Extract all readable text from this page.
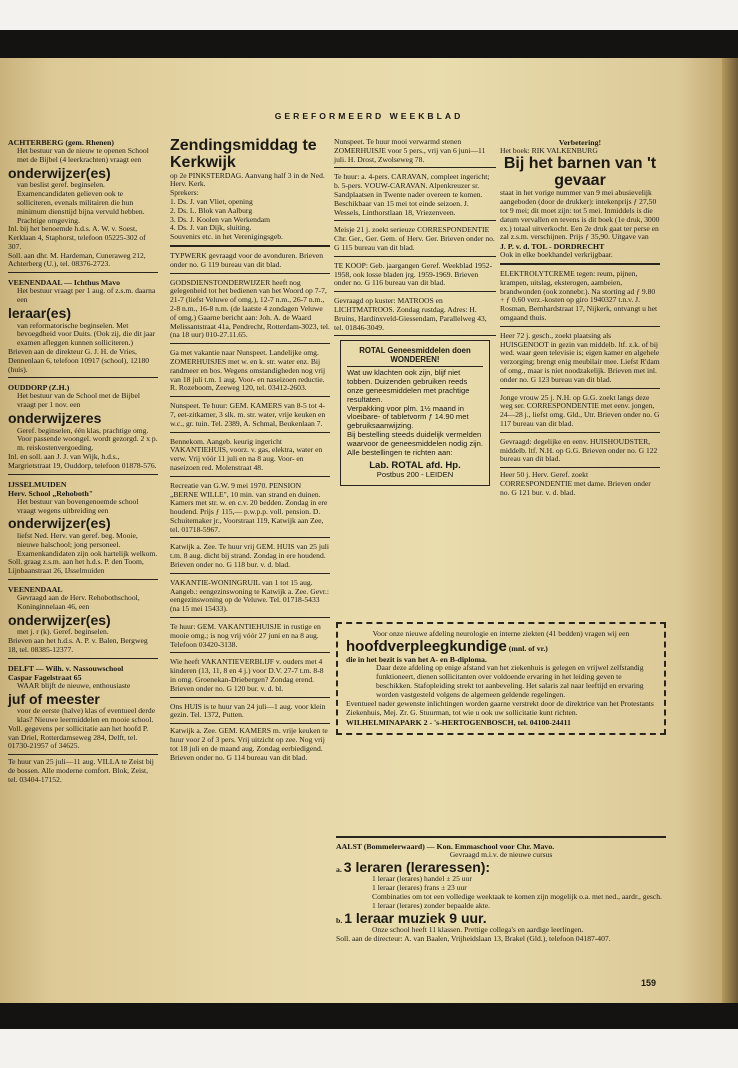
GEREFORMEERD WEEKBLAD
ACHTERBERG (gem. Rhenen)
Het bestuur van de nieuw te openen School met de Bijbel (4 leerkrachten) vraagt een
onderwijzer(es)
van beslist geref. beginselen. Examencandidaten gelieven ook te solliciteren, evenals militairen die hun minimum diensttijd bijna vervuld hebben. Prachtige omgeving.
Inl. bij het benoemde h.d.s. A. W. v. Soest, Kerklaan 4, Staphorst, telefoon 05225-302 of 307.
Soll. aan dhr. M. Hardeman, Cuneraweg 212, Achterberg (U.), tel. 08376-2723.
VEENENDAAL — Ichthus Mavo
Het bestuur vraagt per 1 aug. of z.s.m. daarna een
leraar(es)
van reformatorische beginselen. Met bevoegdheid voor Duits. (Ook zij, die dit jaar examen afleggen kunnen solliciteren.)
Brieven aan de direkteur G. J. H. de Vries, Dennenlaan 6, telefoon 10917 (school), 12180 (huis).
OUDDORP (Z.H.)
Het bestuur van de School met de Bijbel vraagt per 1 nov. een
onderwijzeres
Geref. beginselen, één klas, prachtige omg. Voor passende woongel. wordt gezorgd. 2 x p. m. reiskostenvergoeding.
Inl. en soll. aan J. J. van Wijk, h.d.s., Margrietstraat 19, Ouddorp, telefoon 01878-576.
IJSSELMUIDEN
Herv. School „Rehoboth"
Het bestuur van bovengenoemde school vraagt wegens uitbreiding een
onderwijzer(es)
liefst Ned. Herv. van geref. beg. Mooie, nieuwe halschool; jong personeel. Examenkandidaten zijn ook hartelijk welkom.
Soll. graag z.s.m. aan het h.d.s. P. den Toom, Lijnbaanstraat 26, IJsselmuiden
VEENENDAAL
Gevraagd aan de Herv. Rehobothschool, Koninginnelaan 46, een
onderwijzer(es)
met j. r (k). Geref. beginselen.
Brieven aan het h.d.s. A. P. v. Balen, Bergweg 18, tel. 08385-12377.
DELFT — Wilh. v. Nassouwschool
Caspar Fagelstraat 65
WAAR blijft de nieuwe, enthousiaste
juf of meester
voor de eerste (halve) klas of eventueel derde klas? Nieuwe leermiddelen en mooie school.
Voll. gegevens per sollicitatie aan het hoofd P. van Driel, Rotterdamseweg 284, Delft, tel. 01730-21957 of 34625.
Te huur van 25 juli—11 aug. VILLA te Zeist bij de bossen. Alle moderne comfort. Blok, Zeist, tel. 03404-17152.
Zendingsmiddag te Kerkwijk
op 2e PINKSTERDAG. Aanvang half 3 in de Ned. Herv. Kerk.
Sprekers:
1. Ds. J. van Vliet, opening
2. Ds. L. Blok van Aalburg
3. Ds. J. Koolen van Werkendam
4. Ds. J. van Dijk, sluiting.
Souvenirs etc. in het Verenigingsgeb.
TYPWERK gevraagd voor de avonduren. Brieven onder no. G 119 bureau van dit blad.
GODSDIENSTONDERWIJZER heeft nog gelegenheid tot het bedienen van het Woord op 7-7, 21-7 (liefst Veluwe of omg.), 12-7 n.m., 26-7 n.m., 2-8 n.m., 16-8 n.m. (de laatste 4 zondagen Veluwe of omg.) Gaarne bericht aan: Joh. A. de Waard Melissantstraat 41a, Pendrecht, Rotterdam-3023, tel. (na 18 uur) 010-27.11.65.
Ga met vakantie naar Nunspeet. Landelijke omg. ZOMERHUISJES met w. en k. str. water enz. Bij randmeer en bos. Wegens omstandigheden nog vrij van 18 juli t.m. 1 aug. Voor- en naseizoen reductie. R. Rozeboom, Zeeweg 120, tel. 03412-2603.
Nunspeet. Te huur: GEM. KAMERS van 8-5 tot 4-7, eet-zitkamer, 3 slk. m. str. water, vrije keuken en w.c., gr. tuin. Tel. 2389, A. Schmal, Beukenlaan 7.
Bennekom. Aangeb. keurig ingericht VAKANTIEHUIS, voorz. v. gas, elektra, water en verw. Vrij vóór 11 juli en na 8 aug. Voor- en naseizoen red. Molenstraat 48.
Recreatie van G.W. 9 mei 1970. PENSION „BERNE WILLE", 10 min. van strand en duinen. Kamers met str. w. en c.v. 20 bedden. Zondag in ere houdend. Prijs ƒ 115,— p.w.p.p. voll. pension. D. Schuitemaker jr., Voorstraat 119, Katwijk aan Zee, tel. 01718-5967.
Katwijk a. Zee. Te huur vrij GEM. HUIS van 25 juli t.m. 8 aug. dicht bij strand. Zondag in ere houdend. Brieven onder no. G 118 bur. v. d. blad.
VAKANTIE-WONINGRUIL van 1 tot 15 aug. Aangeb.: eengezinswoning te Katwijk a. Zee. Gevr.: eengezinswoning op de Veluwe. Tel. 01718-5433 (na 15 mei 15433).
Te huur: GEM. VAKANTIEHUISJE in rustige en mooie omg.; is nog vrij vóór 27 juni en na 8 aug. Telefoon 03420-3138.
Wie heeft VAKANTIEVERBLIJF v. ouders met 4 kinderen (13, 11, 8 en 4 j.) voor D.V. 27-7 t.m. 8-8 in omg. Groenekan-Driebergen? Zondag erend. Brieven onder no. G 120 bur. v. d. bl.
Ons HUIS is te huur van 24 juli—1 aug. voor klein gezin. Tel. 1372, Putten.
Katwijk a. Zee. GEM. KAMERS m. vrije keuken te huur voor 2 of 3 pers. Vrij uitzicht op zee. Nog vrij tot 18 juli en de maand aug. Zondag eerbiedigend. Brieven onder no. G 114 bureau van dit blad.
Nunspeet. Te huur mooi verwarmd stenen ZOMERHUISJE voor 5 pers., vrij van 6 juni—11 juli. H. Drost, Zwolseweg 78.
Te huur: a. 4-pers. CARAVAN, compleet ingericht; b. 5-pers. VOUW-CARAVAN. Alpenkreuzer sr. Sandplaatsen in Twente nader overeen te komen. Beschikbaar van 15 mei tot einde seizoen. J. Wessels, Linthorstlaan 18, Vriezenveen.
Meisje 21 j. zoekt serieuze CORRESPONDENTIE Chr. Ger., Ger. Gem. of Herv. Ger. Brieven onder no. G 115 bureau van dit blad.
TE KOOP: Geb. jaargangen Geref. Weekblad 1952-1958, ook losse bladen jrg. 1959-1969. Brieven onder no. G 116 bureau van dit blad.
Gevraagd op kuster: MATROOS en LICHTMATROOS. Zondag rustdag. Adres: H. Bruins, Hardinxveld-Giessendam, Parallelweg 43, tel. 01846-3049.
ROTAL Geneesmiddelen doen WONDEREN!
Wat uw klachten ook zijn, blijf niet tobben. Duizenden gebruiken reeds onze geneesmiddelen met prachtige resultaten.
Verpakking voor plm. 1½ maand in vloeibare- of tabletvorm ƒ 14.90 met gebruiksaanwijzing.
Bij bestelling steeds duidelijk vermelden waarvoor de geneesmiddelen nodig zijn. Alle bestellingen te richten aan:
Lab. ROTAL afd. Hp.
Postbus 200 - LEIDEN
Verbetering!
Het boek: RIK VALKENBURG
Bij het barnen van 't gevaar
staat in het vorige nummer van 9 mei abusievelijk aangeboden (door de drukker): intekenprijs ƒ 27,50 tot 9 mei; dit moet zijn: tot 5 mei. Inmiddels is die datum vervallen en tevens is dit boek (1e druk, 3000 ex.) totaal uitverkocht. Een 2e druk gaat ter perse en zal z.s.m. verschijnen. Prijs ƒ 35,90. Uitgave van
J. P. v. d. TOL - DORDRECHT
Ook in elke boekhandel verkrijgbaar.
ELEKTROLYTCREME tegen: reum, pijnen, krampen, uitslag, eksterogen, aambeien, brandwonden (ook zonnebr.). Na storting ad ƒ 9.80 + ƒ 0.60 verz.-kosten op giro 1940327 t.n.v. J. Rosman, Bernhardstraat 17, Nijkerk, ontvangt u het omgaand thuis.
Heer 72 j. gesch., zoekt plaatsing als HUISGENOOT in gezin van middelb. ltf. z.k. of bij wed. waar geen televisie is; eigen kamer en algehele verzorging; brengt enig meubilair mee. Liefst R'dam of omg., maar is niet noodzakelijk. Brieven met inl. onder no. G 123 bureau van dit blad.
Jonge vrouw 25 j. N.H. op G.G. zoekt langs deze weg ser. CORRESPONDENTIE met eenv. jongen, 24—28 j., liefst omg. Gld., Utr. Brieven onder no. G 117 bureau van dit blad.
Gevraagd: degelijke en eenv. HUISHOUDSTER, middelb. ltf. N.H. op G.G. Brieven onder no. G 122 bureau van dit blad.
Heer 50 j. Herv. Geref. zoekt CORRESPONDENTIE met dame. Brieven onder no. G 121 bur. v. d. blad.
Voor onze nieuwe afdeling neurologie en interne ziekten (41 bedden) vragen wij een
hoofdverpleegkundige (mnl. of vr.)
die in het bezit is van het A- en B-diploma.
Daar deze afdeling op enige afstand van het ziekenhuis is gelegen en vrijwel zelfstandig funktioneert, dienen sollicitanten over voldoende ervaring in het leiding geven te beschikken. Stafopleiding strekt tot aanbeveling. Het salaris zal naar leeftijd en ervaring worden vastgesteld volgens de algemeen geldende regelingen.
Eventueel nader gewenste inlichtingen worden gaarne verstrekt door de direktrice van het Protestants Ziekenhuis, Mej. Zr. G. Stuurman, tot wie u ook uw sollicitatie kunt richten.
WILHELMINAPARK 2 - 's-HERTOGENBOSCH, tel. 04100-24411
AALST (Bommelerwaard) — Kon. Emmaschool voor Chr. Mavo.
Gevraagd m.i.v. de nieuwe cursus
a. 3 leraren (leraressen):
1 leraar (lerares) handel ± 25 uur
1 leraar (lerares) frans ± 23 uur
Combinaties om tot een volledige weektaak te komen zijn mogelijk o.a. met ned., aardr., gesch.
1 leraar (lerares) zonder bepaalde akte.
b. 1 leraar muziek 9 uur.
Onze school heeft 11 klassen. Prettige collega's en aardige leerlingen.
Soll. aan de directeur: A. van Baalen, Vrijheidslaan 13, Brakel (Gld.), telefoon 04187-407.
159
